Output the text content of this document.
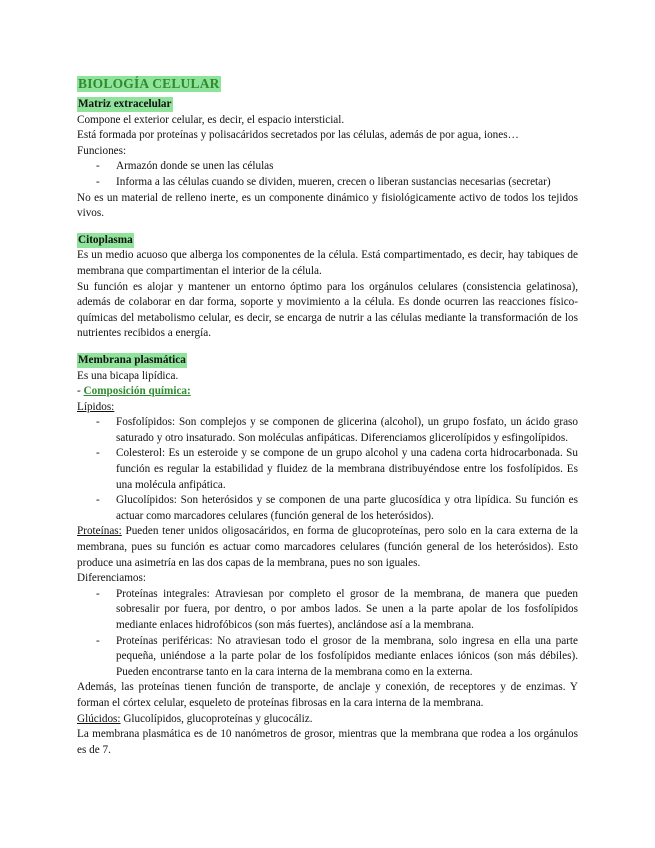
BIOLOGÍA CELULAR
Matriz extracelular

Compone el exterior celular, es decir, el espacio intersticial.

Está formada por proteínas y polisacáridos secretados por las células, además de por agua, iones…

Funciones:

- Armazón donde se unen las células
- Informa a las células cuando se dividen, mueren, crecen o liberan sustancias necesarias (secretar)

No es un material de relleno inerte, es un componente dinámico y fisiológicamente activo de todos los tejidos vivos.

Citoplasma

Es un medio acuoso que alberga los componentes de la célula. Está compartimentado, es decir, hay tabiques de membrana que compartimentan el interior de la célula.

Su función es alojar y mantener un entorno óptimo para los orgánulos celulares (consistencia gelatinosa), además de colaborar en dar forma, soporte y movimiento a la célula. Es donde ocurren las reacciones físico-químicas del metabolismo celular, es decir, se encarga de nutrir a las células mediante la transformación de los nutrientes recibidos a energía.

Membrana plasmática

Es una bicapa lipídica.

- Composición química:

Lípidos:

- Fosfolípidos: Son complejos y se componen de glicerina (alcohol), un grupo fosfato, un ácido graso saturado y otro insaturado. Son moléculas anfipáticas. Diferenciamos glicerolípidos y esfingolípidos.
- Colesterol: Es un esteroide y se compone de un grupo alcohol y una cadena corta hidrocarbonada. Su función es regular la estabilidad y fluidez de la membrana distribuyéndose entre los fosfolípidos. Es una molécula anfipática.
- Glucolípidos: Son heterósidos y se componen de una parte glucosídica y otra lipídica. Su función es actuar como marcadores celulares (función general de los heterósidos).

Proteínas: Pueden tener unidos oligosacáridos, en forma de glucoproteínas, pero solo en la cara externa de la membrana, pues su función es actuar como marcadores celulares (función general de los heterósidos). Esto produce una asimetría en las dos capas de la membrana, pues no son iguales.

Diferenciamos:

- Proteínas integrales: Atraviesan por completo el grosor de la membrana, de manera que pueden sobresalir por fuera, por dentro, o por ambos lados. Se unen a la parte apolar de los fosfolípidos mediante enlaces hidrofóbicos (son más fuertes), anclándose así a la membrana.
- Proteínas periféricas: No atraviesan todo el grosor de la membrana, solo ingresa en ella una parte pequeña, uniéndose a la parte polar de los fosfolípidos mediante enlaces iónicos (son más débiles). Pueden encontrarse tanto en la cara interna de la membrana como en la externa.

Además, las proteínas tienen función de transporte, de anclaje y conexión, de receptores y de enzimas. Y forman el córtex celular, esqueleto de proteínas fibrosas en la cara interna de la membrana.

Glúcidos: Glucolípidos, glucoproteínas y glucocáliz.

La membrana plasmática es de 10 nanómetros de grosor, mientras que la membrana que rodea a los orgánulos es de 7.
